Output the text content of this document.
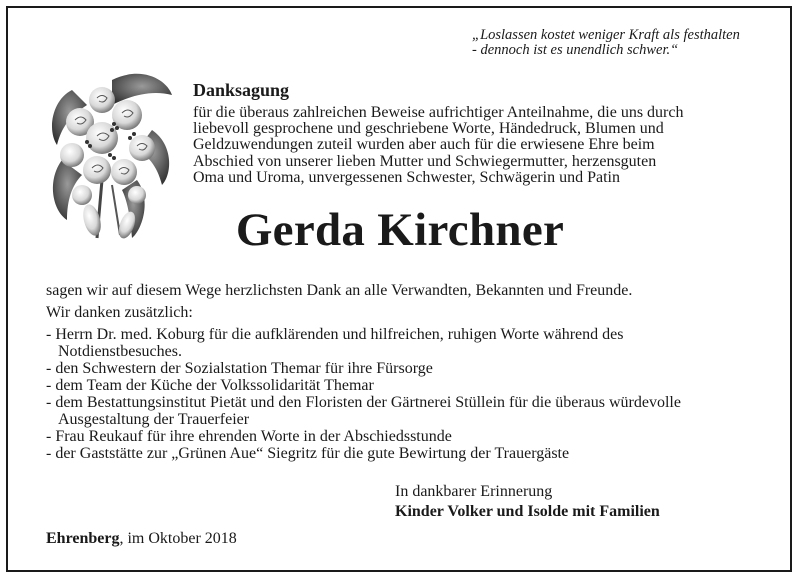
„Loslassen kostet weniger Kraft als festhalten
- dennoch ist es unendlich schwer.“
Danksagung
für die überaus zahlreichen Beweise aufrichtiger Anteilnahme, die uns durch
liebevoll gesprochene und geschriebene Worte, Händedruck, Blumen und
Geldzuwendungen zuteil wurden aber auch für die erwiesene Ehre beim
Abschied von unserer lieben Mutter und Schwiegermutter, herzensguten
Oma und Uroma, unvergessenen Schwester, Schwägerin und Patin
Gerda Kirchner

sagen wir auf diesem Wege herzlichsten Dank an alle Verwandten, Bekannten und Freunde.

Wir danken zusätzlich:

- Herrn Dr. med. Koburg für die aufklärenden und hilfreichen, ruhigen Worte während des
Notdienstbesuches.
- den Schwestern der Sozialstation Themar für ihre Fürsorge
- dem Team der Küche der Volkssolidarität Themar
- dem Bestattungsinstitut Pietät und den Floristen der Gärtnerei Stüllein für die überaus würdevolle
Ausgestaltung der Trauerfeier
- Frau Reukauf für ihre ehrenden Worte in der Abschiedsstunde
- der Gaststätte zur „Grünen Aue“ Siegritz für die gute Bewirtung der Trauergäste
In dankbarer Erinnerung
Kinder Volker und Isolde mit Familien
Ehrenberg, im Oktober 2018
